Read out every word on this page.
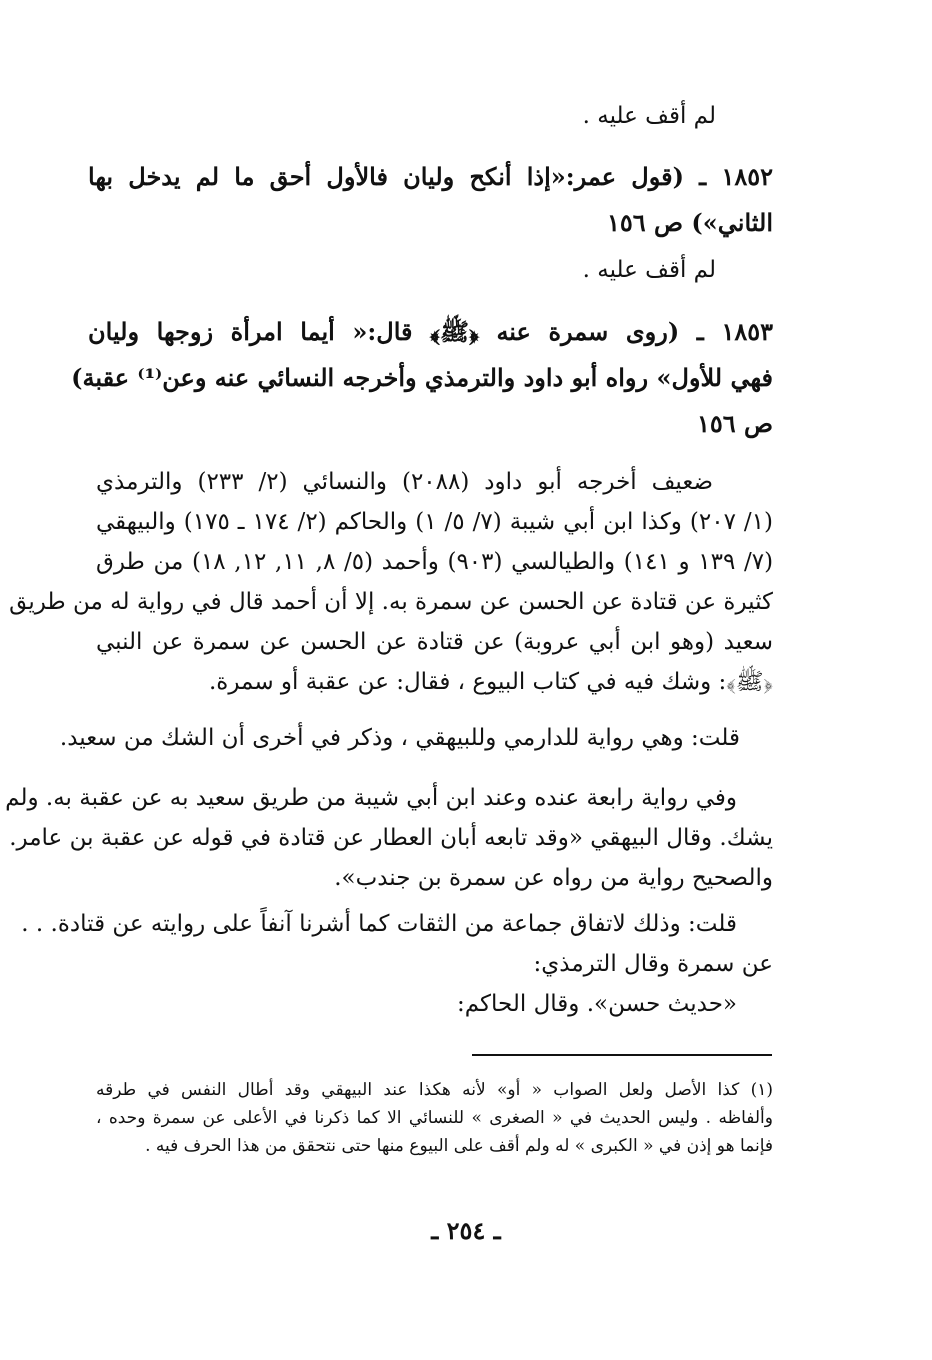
لم أقف عليه .
١٨٥٢ ـ (قول عمر:«إذا أنكح وليان فالأول أحق ما لم يدخل بها
الثاني») ص ١٥٦
لم أقف عليه .
١٨٥٣ ـ (روى سمرة عنه ﴿ﷺ﴾ قال:« أيما امرأة زوجها وليان
فهي للأول» رواه أبو داود والترمذي وأخرجه النسائي عنه وعن⁽¹⁾ عقبة)
ص ١٥٦
ضعيف أخرجه أبو داود (٢٠٨٨) والنسائي (٢/ ٢٣٣) والترمذي
(١/ ٢٠٧) وكذا ابن أبي شيبة (٧/ ٥/ ١) والحاكم (٢/ ١٧٤ ـ ١٧٥) والبيهقي
(٧/ ١٣٩ و ١٤١) والطيالسي (٩٠٣) وأحمد (٥/ ٨, ١١, ١٢, ١٨) من طرق
كثيرة عن قتادة عن الحسن عن سمرة به. إلا أن أحمد قال في رواية له من طريق
سعيد (وهو ابن أبي عروبة) عن قتادة عن الحسن عن سمرة عن النبي
﴿ﷺ﴾: وشك فيه في كتاب البيوع ، فقال: عن عقبة أو سمرة.
قلت: وهي رواية للدارمي وللبيهقي ، وذكر في أخرى أن الشك من سعيد.
وفي رواية رابعة عنده وعند ابن أبي شيبة من طريق سعيد به عن عقبة به. ولم
يشك. وقال البيهقي «وقد تابعه أبان العطار عن قتادة في قوله عن عقبة بن عامر.
والصحيح رواية من رواه عن سمرة بن جندب».
قلت: وذلك لاتفاق جماعة من الثقات كما أشرنا آنفاً على روايته عن قتادة. . .
عن سمرة وقال الترمذي:
«حديث حسن». وقال الحاكم:
(١) كذا الأصل ولعل الصواب « أو» لأنه هكذا عند البيهقي وقد أطال النفس في طرقه
وألفاظه . وليس الحديث في « الصغرى » للنسائي الا كما ذكرنا في الأعلى عن سمرة وحده ،
فإنما هو إذن في « الكبرى » له ولم أقف على البيوع منها حتى نتحقق من هذا الحرف فيه .
ـ ٢٥٤ ـ
